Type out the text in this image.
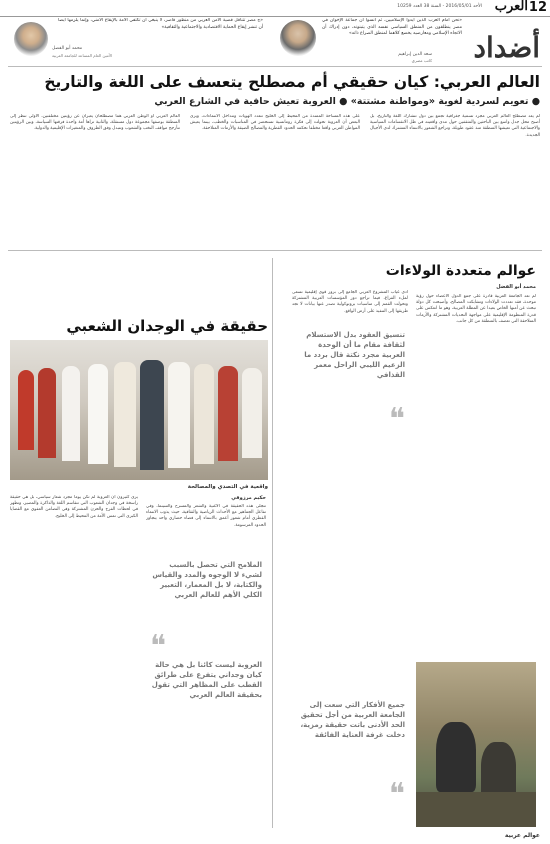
12
العرب
الأحد 2016/05/01 - السنة 38 العدد 10259
أضداد
«نحن أمام العرب الذين أيدوا الإسلاميين، ثم أنسوا أن جماعة الإخوان في مصر ينطلقون من المنطق السياسي نفسه الذي يتبنونه، دون إدراك أن الاتجاه الإسلامي ومعارضيه يخضع كلاهما لمنطق الصراع ذاته»
سعد الدين إبراهيم
كاتب مصري
«ج مصر تتناقل قضية الأمن العربي من منظور قاصر، لا ينبغي أن تكتفي الأمة بالإيقاع الأمني، وإنما يلزمها أيضاً أن تنشر إيقاع الحماية الاقتصادية والاجتماعية والثقافية»
محمد أبو الفضل
الأمين العام المساعد للجامعة العربية
العالم العربي: كيان حقيقي أم مصطلح يتعسف على اللغة والتاريخ
● تعويم لسردية لغوية «ومواطنة مشتتة» ● العروبة تعيش حافية في الشارع العربي
لم يعد مصطلح العالم العربي مجرد تسمية جغرافية تجمع بين دول تتشارك اللغة والتاريخ، بل أصبح محل جدل واسع بين الباحثين والمثقفين حول مدى واقعيته في ظل الانقسامات السياسية والاجتماعية التي تعيشها المنطقة منذ عقود طويلة، وتراجع الشعور بالانتماء المشترك لدى الأجيال الجديدة.
على هذه المساحة الممتدة من المحيط إلى الخليج تتعدد الهويات وتتداخل الانتماءات، ويرى البعض أن العروبة تحولت إلى فكرة رومانسية تستحضر في المناسبات والخطب، بينما يعيش المواطن العربي واقعا مختلفا تحكمه الحدود القطرية والمصالح الضيقة والأزمات المتلاحقة.
العالم العربي أو الوطن العربي هما مصطلحان يعبران عن رؤيتين مختلفتين، الأولى تنظر إلى المنطقة بوصفها مجموعة دول مستقلة، والثانية تراها أمة واحدة فرقتها السياسة، وبين الرؤيتين تتأرجح مواقف النخب والشعوب وتتبدل وفق الظروف والمتغيرات الإقليمية والدولية.
عوالم متعددة الولاءات
محمد أبو الفضل
لم تعد الجامعة العربية قادرة على جمع الدول الأعضاء حول رؤية موحدة، فقد تعددت الولاءات وتشابكت المصالح، وأصبحت كل دولة تبحث عن أمنها الخاص بعيدا عن المظلة العربية، وهو ما انعكس على قدرة المنظومة الإقليمية على مواجهة التحديات المشتركة والأزمات المتلاحقة التي تعصف بالمنطقة من كل جانب.
أدى غياب المشروع العربي الجامع إلى بروز قوى إقليمية تسعى لملء الفراغ، فيما تراجع دور المؤسسات العربية المشتركة وتحولت القمم إلى مناسبات بروتوكولية تصدر عنها بيانات لا تجد طريقها إلى التنفيذ على أرض الواقع.
تنسيق العقود بدل الاستسلام لثقافة مقام ما أن الوحدة العربية مجرد نكتة قال بردد ما الزعيم الليبي الراحل معمر القذافي
❝
جميع الأفكار التي سعت إلى الجامعة العربية من أجل تحقيق الحد الأدنى باتت حقيقة رمزية، دخلت غرفة العناية الفائقة
❝
حقيقة في الوجدان الشعبي
واقعية في التصدي والمصالحة
حكيم مرزوقي
تتجلى هذه الحقيقة في الأغنية والشعر والمسرح والسينما، وفي تفاعل الجماهير مع الأحداث الرياضية والثقافية، حيث يذوب الانتماء القطري أمام شعور أعمق بالانتماء إلى فضاء حضاري واحد يتجاوز الحدود المرسومة.
يرى كثيرون أن العروبة لم تكن يوما مجرد شعار سياسي، بل هي حقيقة راسخة في وجدان الشعوب التي تتقاسم اللغة والذاكرة والمصير، وتظهر في لحظات الفرح والحزن المشتركة وفي التضامن العفوي مع القضايا الكبرى التي تمس الأمة من المحيط إلى الخليج.
الملامح التي تحصل بالسبب لشيء لا الوجوه والمدد والقياس والكتابة، لا بل المعمار، التعبير الكلي الأهم للعالم العربي
❝
العروبة ليست كائنا بل هي حالة كيان وجداني يتفرع على طرائق القطب على المظاهر التي تقول بحقيقة العالم العربي
عوالم عربية
